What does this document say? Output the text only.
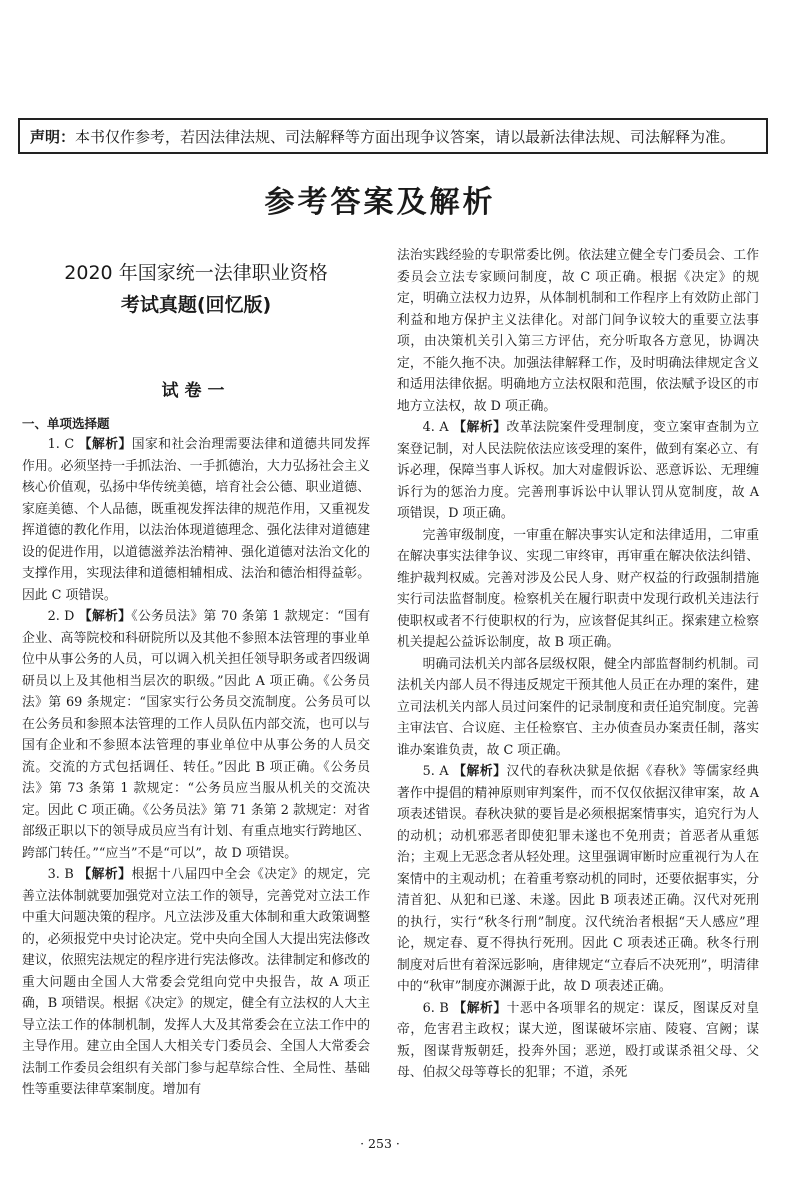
声明：本书仅作参考，若因法律法规、司法解释等方面出现争议答案，请以最新法律法规、司法解释为准。
参考答案及解析
2020 年国家统一法律职业资格
考试真题(回忆版)
试卷一
一、单项选择题

1. C 【解析】国家和社会治理需要法律和道德共同发挥作用。必须坚持一手抓法治、一手抓德治，大力弘扬社会主义核心价值观，弘扬中华传统美德，培育社会公德、职业道德、家庭美德、个人品德，既重视发挥法律的规范作用，又重视发挥道德的教化作用，以法治体现道德理念、强化法律对道德建设的促进作用，以道德滋养法治精神、强化道德对法治文化的支撑作用，实现法律和道德相辅相成、法治和德治相得益彰。因此 C 项错误。

2. D 【解析】《公务员法》第 70 条第 1 款规定：“国有企业、高等院校和科研院所以及其他不参照本法管理的事业单位中从事公务的人员，可以调入机关担任领导职务或者四级调研员以上及其他相当层次的职级。”因此 A 项正确。《公务员法》第 69 条规定：“国家实行公务员交流制度。公务员可以在公务员和参照本法管理的工作人员队伍内部交流，也可以与国有企业和不参照本法管理的事业单位中从事公务的人员交流。交流的方式包括调任、转任。”因此 B 项正确。《公务员法》第 73 条第 1 款规定：“公务员应当服从机关的交流决定。因此 C 项正确。《公务员法》第 71 条第 2 款规定：对省部级正职以下的领导成员应当有计划、有重点地实行跨地区、跨部门转任。”“应当”不是“可以”，故 D 项错误。

3. B 【解析】根据十八届四中全会《决定》的规定，完善立法体制就要加强党对立法工作的领导，完善党对立法工作中重大问题决策的程序。凡立法涉及重大体制和重大政策调整的，必须报党中央讨论决定。党中央向全国人大提出宪法修改建议，依照宪法规定的程序进行宪法修改。法律制定和修改的重大问题由全国人大常委会党组向党中央报告，故 A 项正确，B 项错误。根据《决定》的规定，健全有立法权的人大主导立法工作的体制机制，发挥人大及其常委会在立法工作中的主导作用。建立由全国人大相关专门委员会、全国人大常委会法制工作委员会组织有关部门参与起草综合性、全局性、基础性等重要法律草案制度。增加有

法治实践经验的专职常委比例。依法建立健全专门委员会、工作委员会立法专家顾问制度，故 C 项正确。根据《决定》的规定，明确立法权力边界，从体制机制和工作程序上有效防止部门利益和地方保护主义法律化。对部门间争议较大的重要立法事项，由决策机关引入第三方评估，充分听取各方意见，协调决定，不能久拖不决。加强法律解释工作，及时明确法律规定含义和适用法律依据。明确地方立法权限和范围，依法赋予设区的市地方立法权，故 D 项正确。

4. A 【解析】改革法院案件受理制度，变立案审查制为立案登记制，对人民法院依法应该受理的案件，做到有案必立、有诉必理，保障当事人诉权。加大对虚假诉讼、恶意诉讼、无理缠诉行为的惩治力度。完善刑事诉讼中认罪认罚从宽制度，故 A 项错误，D 项正确。

完善审级制度，一审重在解决事实认定和法律适用，二审重在解决事实法律争议、实现二审终审，再审重在解决依法纠错、维护裁判权威。完善对涉及公民人身、财产权益的行政强制措施实行司法监督制度。检察机关在履行职责中发现行政机关违法行使职权或者不行使职权的行为，应该督促其纠正。探索建立检察机关提起公益诉讼制度，故 B 项正确。

明确司法机关内部各层级权限，健全内部监督制约机制。司法机关内部人员不得违反规定干预其他人员正在办理的案件，建立司法机关内部人员过问案件的记录制度和责任追究制度。完善主审法官、合议庭、主任检察官、主办侦查员办案责任制，落实谁办案谁负责，故 C 项正确。

5. A 【解析】汉代的春秋决狱是依据《春秋》等儒家经典著作中提倡的精神原则审判案件，而不仅仅依据汉律审案，故 A 项表述错误。春秋决狱的要旨是必须根据案情事实，追究行为人的动机；动机邪恶者即使犯罪未遂也不免刑责；首恶者从重惩治；主观上无恶念者从轻处理。这里强调审断时应重视行为人在案情中的主观动机；在着重考察动机的同时，还要依据事实，分清首犯、从犯和已遂、未遂。因此 B 项表述正确。汉代对死刑的执行，实行“秋冬行刑”制度。汉代统治者根据“天人感应”理论，规定春、夏不得执行死刑。因此 C 项表述正确。秋冬行刑制度对后世有着深远影响，唐律规定“立春后不决死刑”，明清律中的“秋审”制度亦渊源于此，故 D 项表述正确。

6. B 【解析】十恶中各项罪名的规定：谋反，图谋反对皇帝，危害君主政权；谋大逆，图谋破坏宗庙、陵寝、宫阙；谋叛，图谋背叛朝廷，投奔外国；恶逆，殴打或谋杀祖父母、父母、伯叔父母等尊长的犯罪；不道，杀死

· 253 ·
